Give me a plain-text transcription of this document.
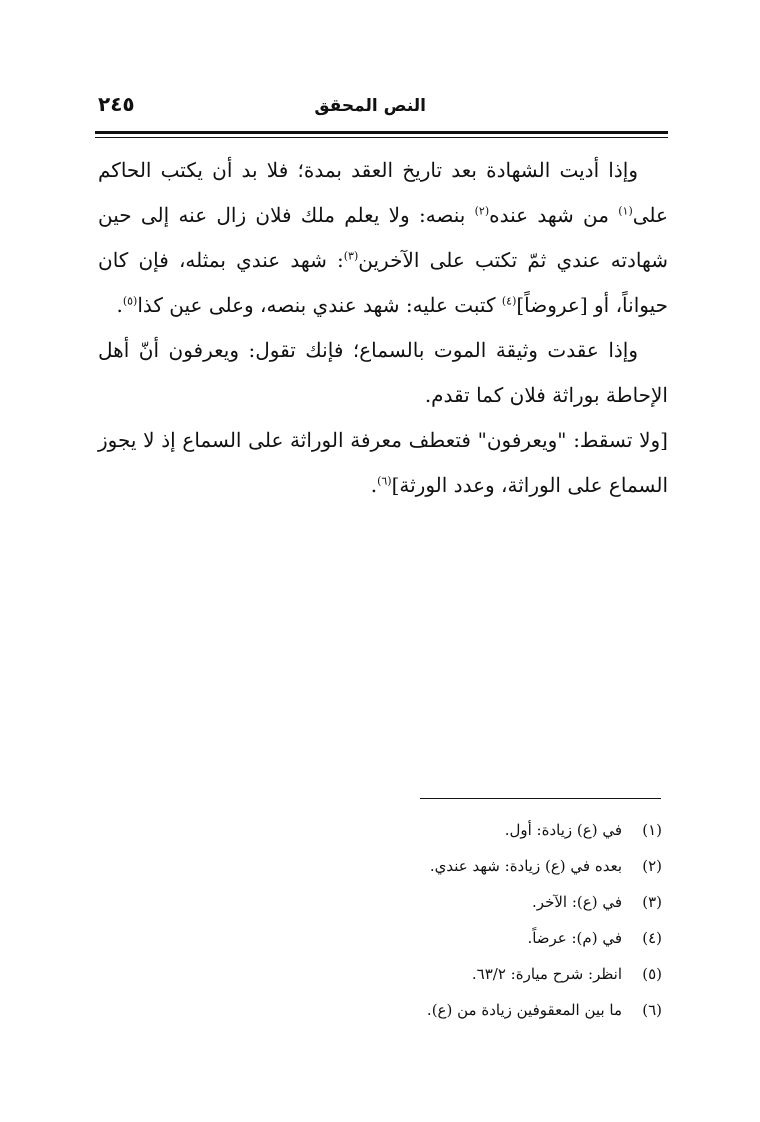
النص المحقق
٢٤٥

وإذا أديت الشهادة بعد تاريخ العقد بمدة؛ فلا بد أن يكتب الحاكم على$^{(١)}$ من شهد عنده$^{(٢)}$ بنصه: ولا يعلم ملك فلان زال عنه إلى حين شهادته عندي ثمّ تكتب على الآخرين$^{(٣)}$: شهد عندي بمثله، فإن كان حيواناً، أو [عروضاً]$^{(٤)}$ كتبت عليه: شهد عندي بنصه، وعلى عين كذا$^{(٥)}$.

وإذا عقدت وثيقة الموت بالسماع؛ فإنك تقول: ويعرفون أنّ أهل الإحاطة بوراثة فلان كما تقدم.

[ولا تسقط: "ويعرفون" فتعطف معرفة الوراثة على السماع إذ لا يجوز السماع على الوراثة، وعدد الورثة]$^{(٦)}$.

(١)
في (ع) زيادة: أول.
(٢)
بعده في (ع) زيادة: شهد عندي.
(٣)
في (ع): الآخر.
(٤)
في (م): عرضاً.
(٥)
انظر: شرح ميارة: ٦٣/٢.
(٦)
ما بين المعقوفين زيادة من (ع).
